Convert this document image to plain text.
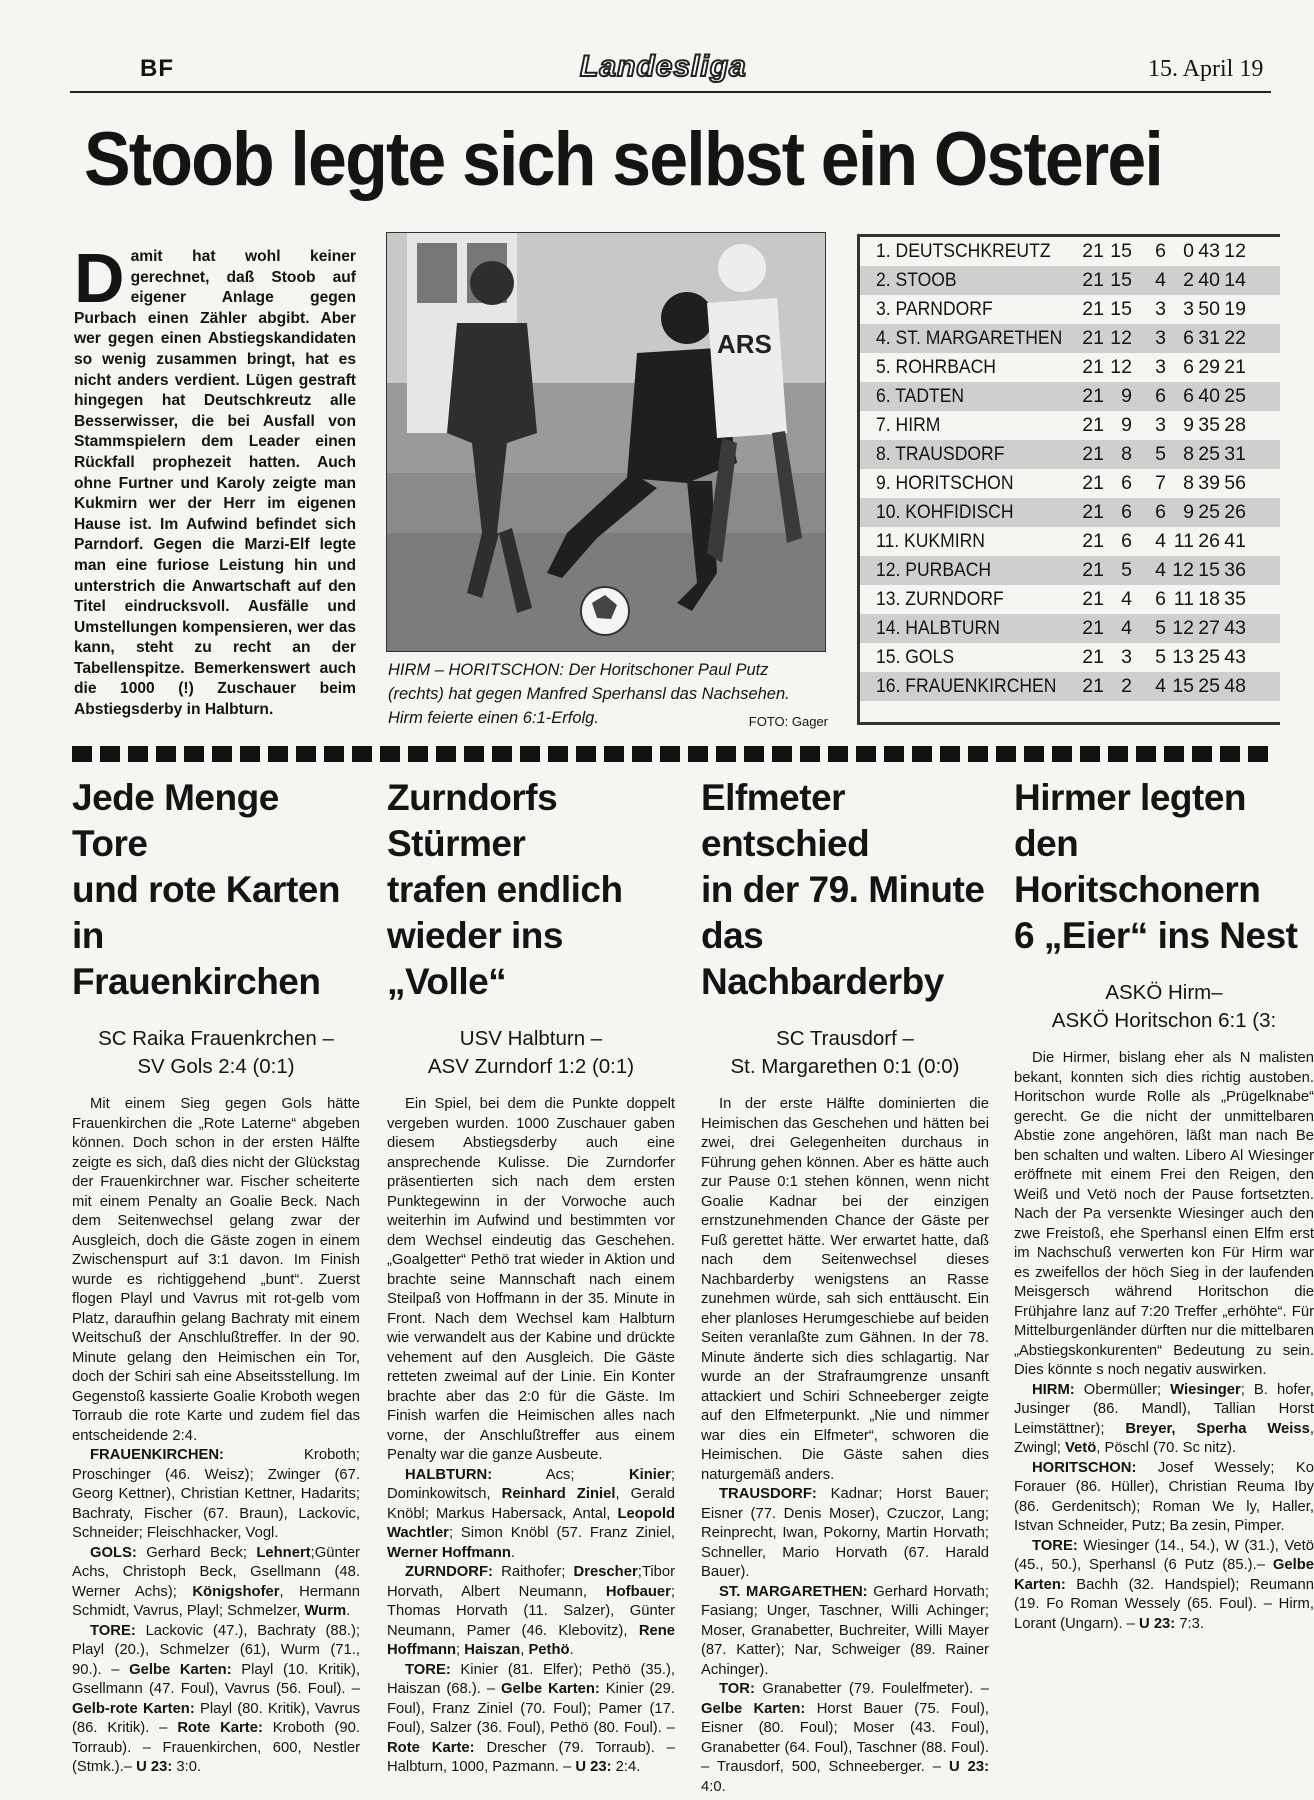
BF	Landesliga	15. April 19
Stoob legte sich selbst ein Osterei
D amit hat wohl keiner gerechnet, daß Stoob auf eigener Anlage gegen Purbach einen Zähler abgibt. Aber wer gegen einen Abstiegskandidaten so wenig zusammen bringt, hat es nicht anders verdient. Lügen gestraft hingegen hat Deutschkreutz alle Besserwisser, die bei Ausfall von Stammspielern dem Leader einen Rückfall prophezeit hatten. Auch ohne Furtner und Karoly zeigte man Kukmirn wer der Herr im eigenen Hause ist. Im Aufwind befindet sich Parndorf. Gegen die Marzi-Elf legte man eine furiose Leistung hin und unterstrich die Anwartschaft auf den Titel eindrucksvoll. Ausfälle und Umstellungen kompensieren, wer das kann, steht zu recht an der Tabellenspitze. Bemerkenswert auch die 1000 (!) Zuschauer beim Abstiegsderby in Halbturn.
ARS
HIRM – HORITSCHON: Der Horitschoner Paul Putz (rechts) hat gegen Manfred Sperhansl das Nachsehen. Hirm feierte einen 6:1-Erfolg.	FOTO: Gager
1. DEUTSCHKREUTZ 21 15	6 0 43 12
2. STOOB	21 15	4 2 40 14
3. PARNDORF	21 15	3 3 50 19
4. ST. MARGARETHEN 21 12	3 6 31 22
5. ROHRBACH	21 12	3 6 29 21
6. TADTEN	21 9	6 6 40 25
7. HIRM	21 9	3 9 35 28
8. TRAUSDORF	21 8	5 8 25 31
9. HORITSCHON	21 6	7 8 39 56
10. KOHFIDISCH	21 6	6 9 25 26
11. KUKMIRN	21 6	4 11 26 41
12. PURBACH	21 5	4 12 15 36
13. ZURNDORF	21 4	6 11 18 35
14. HALBTURN	21 4	5 12 27 43
15. GOLS	21 3	5 13 25 43
16. FRAUENKIRCHEN 21 2	4 15 25 48
Jede Menge Tore
und rote Karten
in Frauenkirchen
SC Raika Frauenkrchen –
SV Gols 2:4 (0:1)

Mit einem Sieg gegen Gols hätte Frauenkirchen die „Rote Laterne“ abgeben können. Doch schon in der ersten Hälfte zeigte es sich, daß dies nicht der Glückstag der Frauenkirchner war. Fischer scheiterte mit einem Penalty an Goalie Beck. Nach dem Seitenwechsel gelang zwar der Ausgleich, doch die Gäste zogen in einem Zwischenspurt auf 3:1 davon. Im Finish wurde es richtiggehend „bunt“. Zuerst flogen Playl und Vavrus mit rot-gelb vom Platz, daraufhin gelang Bachraty mit einem Weitschuß der Anschlußtreffer. In der 90. Minute gelang den Heimischen ein Tor, doch der Schiri sah eine Abseitsstellung. Im Gegenstoß kassierte Goalie Kroboth wegen Torraub die rote Karte und zudem fiel das entscheidende 2:4.

FRAUENKIRCHEN: Kroboth; Proschinger (46. Weisz); Zwinger (67. Georg Kettner), Christian Kettner, Hadarits; Bachraty, Fischer (67. Braun), Lackovic, Schneider; Fleischhacker, Vogl.

GOLS: Gerhard Beck; Lehnert;Günter Achs, Christoph Beck, Gsellmann (48. Werner Achs); Königshofer, Hermann Schmidt, Vavrus, Playl; Schmelzer, Wurm.

TORE: Lackovic (47.), Bachraty (88.); Playl (20.), Schmelzer (61), Wurm (71., 90.). – Gelbe Karten: Playl (10. Kritik), Gsellmann (47. Foul), Vavrus (56. Foul). – Gelb-rote Karten: Playl (80. Kritik), Vavrus (86. Kritik). – Rote Karte: Kroboth (90. Torraub). – Frauenkirchen, 600, Nestler (Stmk.).– U 23: 3:0.

Zurndorfs Stürmer
trafen endlich
wieder ins „Volle“
USV Halbturn –
ASV Zurndorf 1:2 (0:1)

Ein Spiel, bei dem die Punkte doppelt vergeben wurden. 1000 Zuschauer gaben diesem Abstiegsderby auch eine ansprechende Kulisse. Die Zurndorfer präsentierten sich nach dem ersten Punktegewinn in der Vorwoche auch weiterhin im Aufwind und bestimmten vor dem Wechsel eindeutig das Geschehen. „Goalgetter“ Pethö trat wieder in Aktion und brachte seine Mannschaft nach einem Steilpaß von Hoffmann in der 35. Minute in Front. Nach dem Wechsel kam Halbturn wie verwandelt aus der Kabine und drückte vehement auf den Ausgleich. Die Gäste retteten zweimal auf der Linie. Ein Konter brachte aber das 2:0 für die Gäste. Im Finish warfen die Heimischen alles nach vorne, der Anschlußtreffer aus einem Penalty war die ganze Ausbeute.

HALBTURN: Acs; Kinier; Dominkowitsch, Reinhard Ziniel, Gerald Knöbl; Markus Habersack, Antal, Leopold Wachtler; Simon Knöbl (57. Franz Ziniel, Werner Hoffmann.

ZURNDORF: Raithofer; Drescher;Tibor Horvath, Albert Neumann, Hofbauer; Thomas Horvath (11. Salzer), Günter Neumann, Pamer (46. Klebovitz), Rene Hoffmann; Haiszan, Pethö.

TORE: Kinier (81. Elfer); Pethö (35.), Haiszan (68.). – Gelbe Karten: Kinier (29. Foul), Franz Ziniel (70. Foul); Pamer (17. Foul), Salzer (36. Foul), Pethö (80. Foul). – Rote Karte: Drescher (79. Torraub). – Halbturn, 1000, Pazmann. – U 23: 2:4.

Elfmeter entschied
in der 79. Minute
das Nachbarderby
SC Trausdorf –
St. Margarethen 0:1 (0:0)

In der erste Hälfte dominierten die Heimischen das Geschehen und hätten bei zwei, drei Gelegenheiten durchaus in Führung gehen können. Aber es hätte auch zur Pause 0:1 stehen können, wenn nicht Goalie Kadnar bei der einzigen ernstzunehmenden Chance der Gäste per Fuß gerettet hätte. Wer erwartet hatte, daß nach dem Seitenwechsel dieses Nachbarderby wenigstens an Rasse zunehmen würde, sah sich enttäuscht. Ein eher planloses Herumgeschiebe auf beiden Seiten veranlaßte zum Gähnen. In der 78. Minute änderte sich dies schlagartig. Nar wurde an der Strafraumgrenze unsanft attackiert und Schiri Schneeberger zeigte auf den Elfmeterpunkt. „Nie und nimmer war dies ein Elfmeter“, schworen die Heimischen. Die Gäste sahen dies naturgemäß anders.

TRAUSDORF: Kadnar; Horst Bauer; Eisner (77. Denis Moser), Czuczor, Lang; Reinprecht, Iwan, Pokorny, Martin Horvath; Schneller, Mario Horvath (67. Harald Bauer).

ST. MARGARETHEN: Gerhard Horvath; Fasiang; Unger, Taschner, Willi Achinger; Moser, Granabetter, Buchreiter, Willi Mayer (87. Katter); Nar, Schweiger (89. Rainer Achinger).

TOR: Granabetter (79. Foulelfmeter). – Gelbe Karten: Horst Bauer (75. Foul), Eisner (80. Foul); Moser (43. Foul), Granabetter (64. Foul), Taschner (88. Foul). – Trausdorf, 500, Schneeberger. – U 23: 4:0.

Hirmer legten den
Horitschonern
6 „Eier“ ins Nest
ASKÖ Hirm–
ASKÖ Horitschon 6:1 (3:

Die Hirmer, bislang eher als N malisten bekant, konnten sich dies richtig austoben. Horitschon wurde Rolle als „Prügelknabe“ gerecht. Ge die nicht der unmittelbaren Abstie zone angehören, läßt man nach Be ben schalten und walten. Libero Al Wiesinger eröffnete mit einem Frei den Reigen, den Weiß und Vetö noch der Pause fortsetzten. Nach der Pa versenkte Wiesinger auch den zwe Freistoß, ehe Sperhansl einen Elfm erst im Nachschuß verwerten kon Für Hirm war es zweifellos der höch Sieg in der laufenden Meisgersch während Horitschon die Frühjahre lanz auf 7:20 Treffer „erhöhte“. Für Mittelburgenländer dürften nur die mittelbaren „Abstiegskonkurenten“ Bedeutung zu sein. Dies könnte s noch negativ auswirken.

HIRM: Obermüller; Wiesinger; B. hofer, Jusinger (86. Mandl), Tallian Horst Leimstättner); Breyer, Sperha Weiss, Zwingl; Vetö, Pöschl (70. Sc nitz).

HORITSCHON: Josef Wessely; Ko Forauer (86. Hüller), Christian Reuma Iby (86. Gerdenitsch); Roman We ly, Haller, Istvan Schneider, Putz; Ba zesin, Pimper.

TORE: Wiesinger (14., 54.), W (31.), Vetö (45., 50.), Sperhansl (6 Putz (85.).– Gelbe Karten: Bachh (32. Handspiel); Reumann (19. Fo Roman Wessely (65. Foul). – Hirm, Lorant (Ungarn). – U 23: 7:3.
